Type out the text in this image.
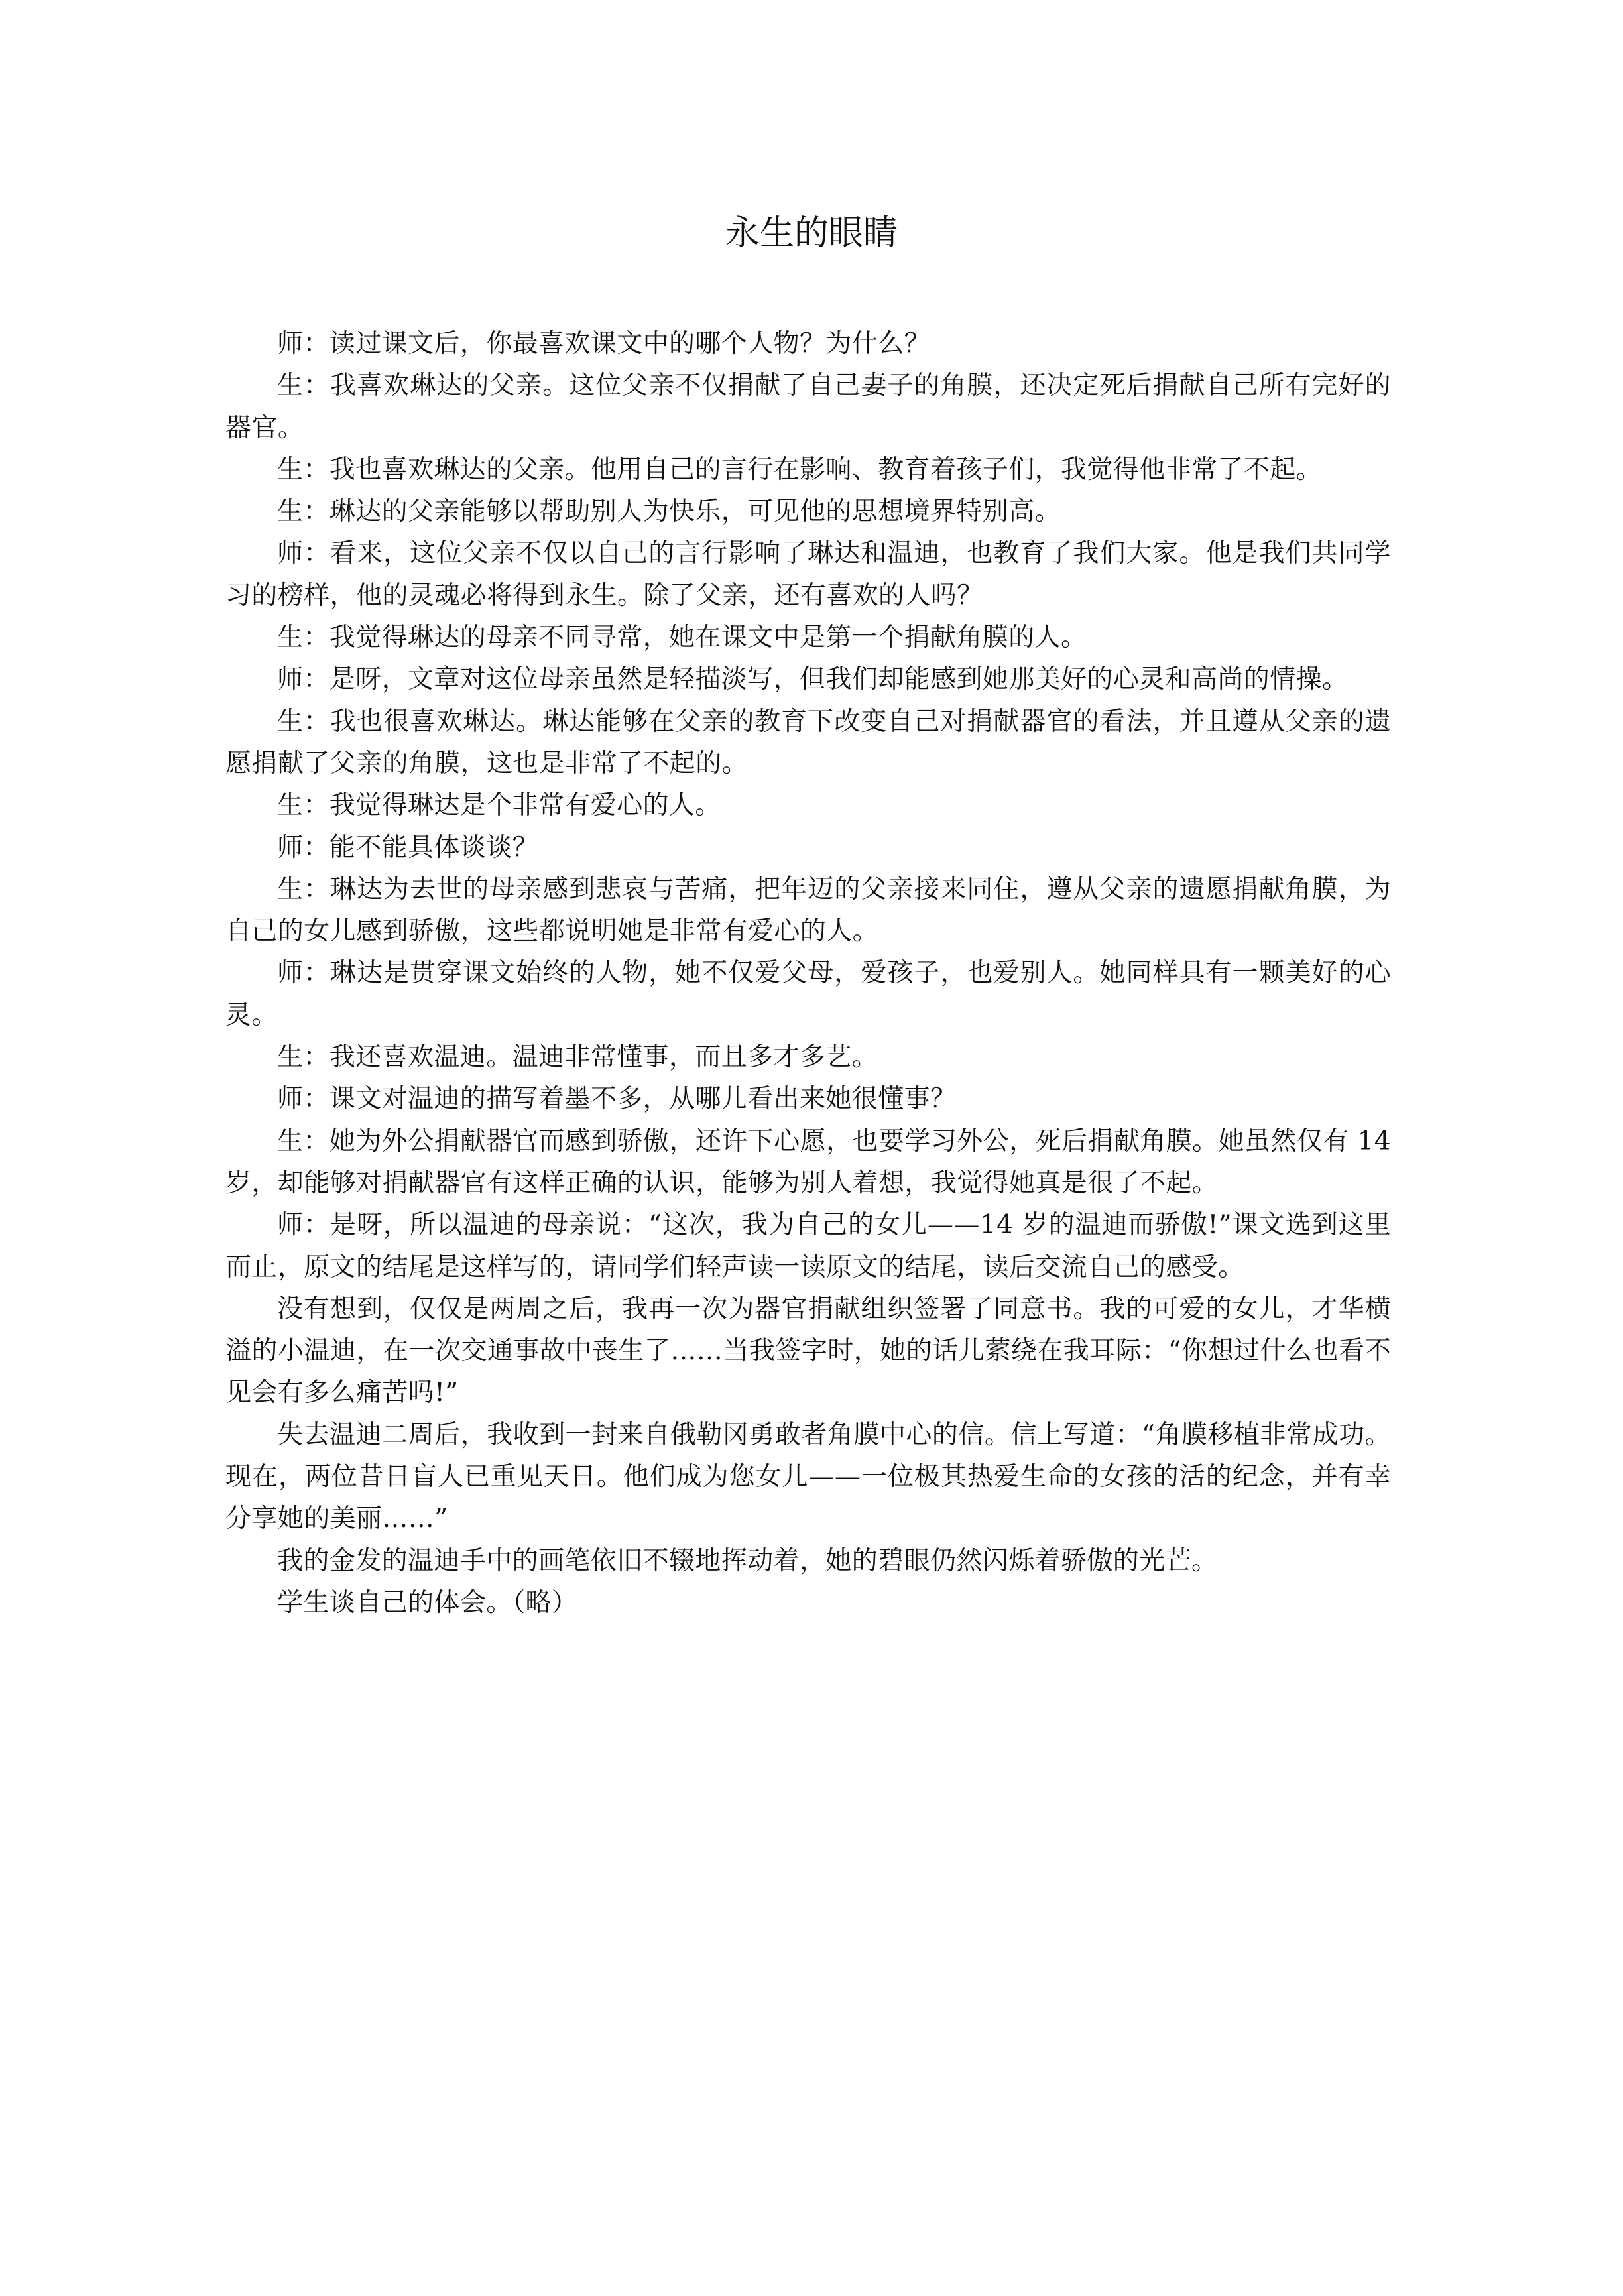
永生的眼睛

师：读过课文后，你最喜欢课文中的哪个人物？为什么？

生：我喜欢琳达的父亲。这位父亲不仅捐献了自己妻子的角膜，还决定死后捐献自己所有完好的器官。

生：我也喜欢琳达的父亲。他用自己的言行在影响、教育着孩子们，我觉得他非常了不起。

生：琳达的父亲能够以帮助别人为快乐，可见他的思想境界特别高。

师：看来，这位父亲不仅以自己的言行影响了琳达和温迪，也教育了我们大家。他是我们共同学习的榜样，他的灵魂必将得到永生。除了父亲，还有喜欢的人吗？

生：我觉得琳达的母亲不同寻常，她在课文中是第一个捐献角膜的人。

师：是呀，文章对这位母亲虽然是轻描淡写，但我们却能感到她那美好的心灵和高尚的情操。

生：我也很喜欢琳达。琳达能够在父亲的教育下改变自己对捐献器官的看法，并且遵从父亲的遗愿捐献了父亲的角膜，这也是非常了不起的。

生：我觉得琳达是个非常有爱心的人。

师：能不能具体谈谈？

生：琳达为去世的母亲感到悲哀与苦痛，把年迈的父亲接来同住，遵从父亲的遗愿捐献角膜，为自己的女儿感到骄傲，这些都说明她是非常有爱心的人。

师：琳达是贯穿课文始终的人物，她不仅爱父母，爱孩子，也爱别人。她同样具有一颗美好的心灵。

生：我还喜欢温迪。温迪非常懂事，而且多才多艺。

师：课文对温迪的描写着墨不多，从哪儿看出来她很懂事？

生：她为外公捐献器官而感到骄傲，还许下心愿，也要学习外公，死后捐献角膜。她虽然仅有 14 岁，却能够对捐献器官有这样正确的认识，能够为别人着想，我觉得她真是很了不起。

师：是呀，所以温迪的母亲说：“这次，我为自己的女儿——14 岁的温迪而骄傲!”课文选到这里而止，原文的结尾是这样写的，请同学们轻声读一读原文的结尾，读后交流自己的感受。

没有想到，仅仅是两周之后，我再一次为器官捐献组织签署了同意书。我的可爱的女儿，才华横溢的小温迪，在一次交通事故中丧生了……当我签字时，她的话儿萦绕在我耳际：“你想过什么也看不见会有多么痛苦吗!”

失去温迪二周后，我收到一封来自俄勒冈勇敢者角膜中心的信。信上写道：“角膜移植非常成功。现在，两位昔日盲人已重见天日。他们成为您女儿——一位极其热爱生命的女孩的活的纪念，并有幸分享她的美丽……”

我的金发的温迪手中的画笔依旧不辍地挥动着，她的碧眼仍然闪烁着骄傲的光芒。

学生谈自己的体会。（略）
